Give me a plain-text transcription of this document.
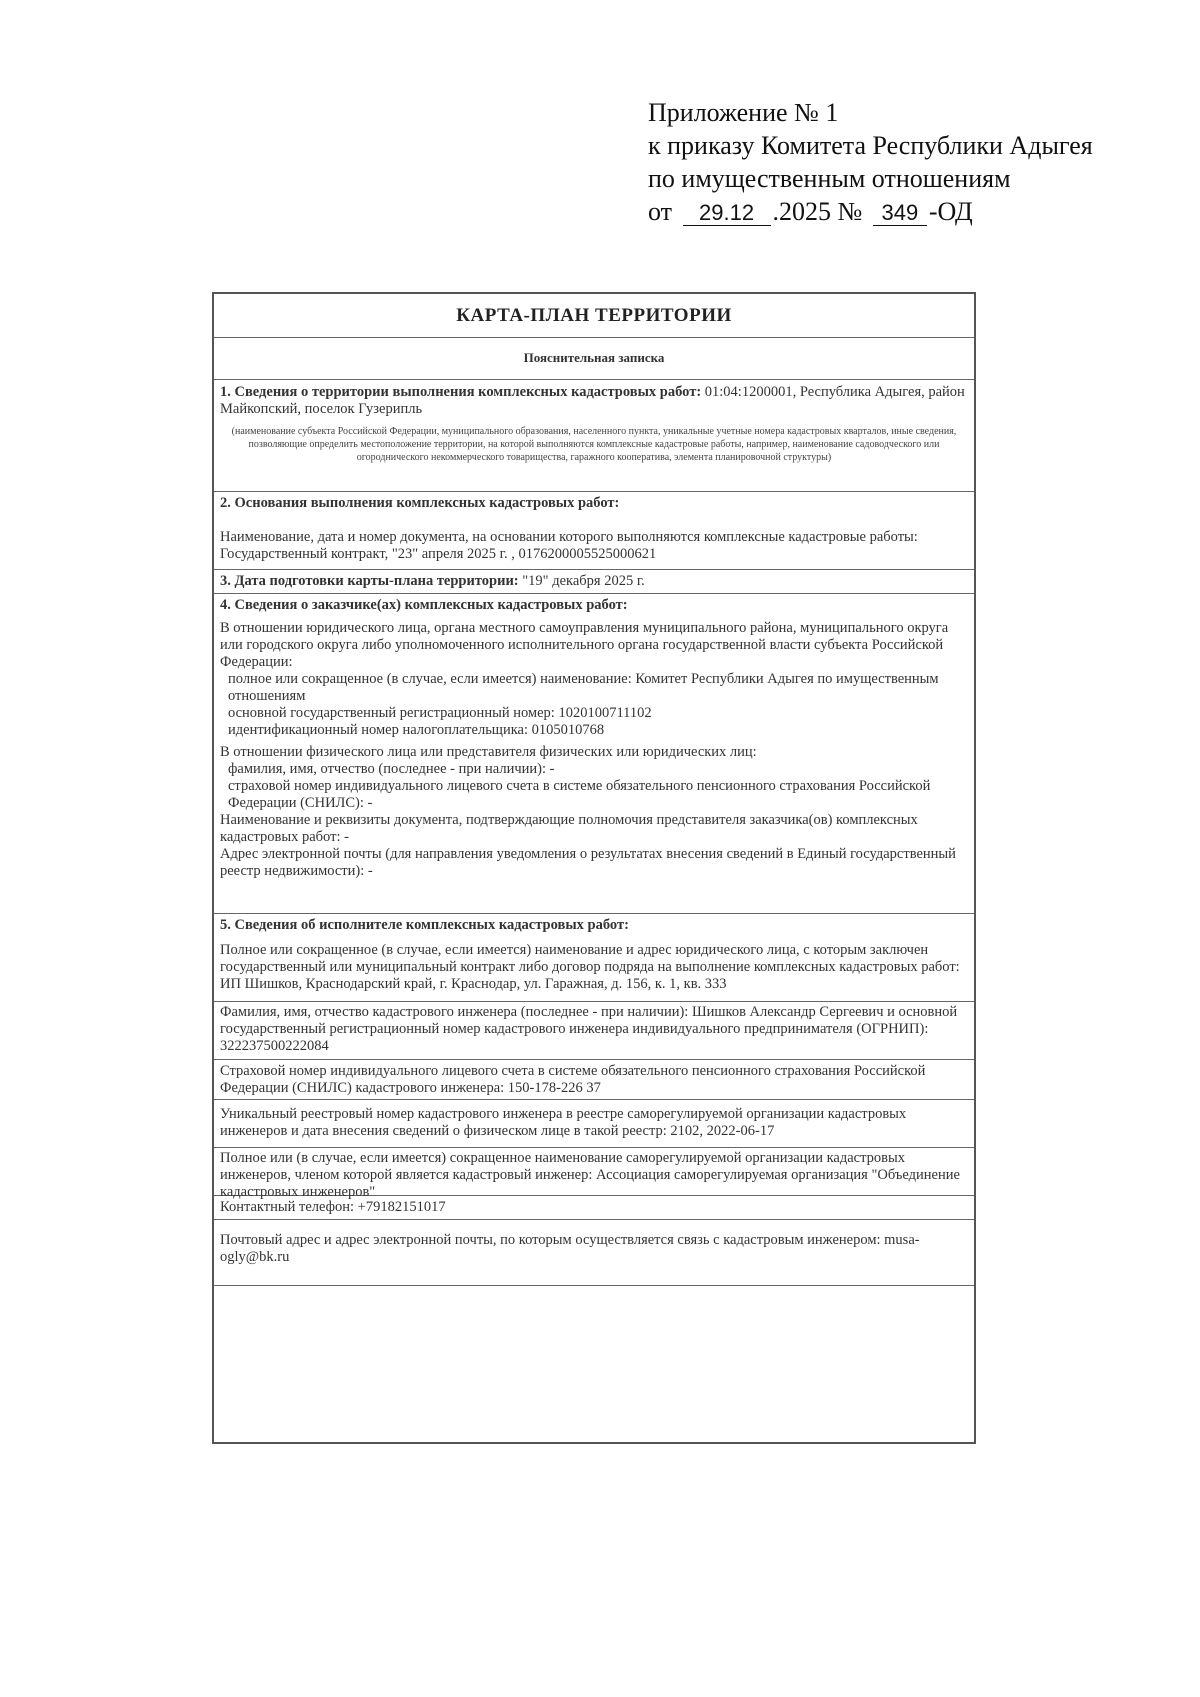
Приложение № 1
к приказу Комитета Республики Адыгея
по имущественным отношениям
от 29.12 .2025 № 349 -ОД
КАРТА-ПЛАН ТЕРРИТОРИИ
Пояснительная записка
1. Сведения о территории выполнения комплексных кадастровых работ: 01:04:1200001, Республика Адыгея, район Майкопский, поселок Гузерипль
(наименование субъекта Российской Федерации, муниципального образования, населенного пункта, уникальные учетные номера кадастровых кварталов, иные сведения, позволяющие определить местоположение территории, на которой выполняются комплексные кадастровые работы, например, наименование садоводческого или огороднического некоммерческого товарищества, гаражного кооператива, элемента планировочной структуры)
2. Основания выполнения комплексных кадастровых работ:
Наименование, дата и номер документа, на основании которого выполняются комплексные кадастровые работы: Государственный контракт, "23" апреля 2025 г. , 0176200005525000621
3. Дата подготовки карты-плана территории: "19" декабря 2025 г.
4. Сведения о заказчике(ах) комплексных кадастровых работ:
В отношении юридического лица, органа местного самоуправления муниципального района, муниципального округа или городского округа либо уполномоченного исполнительного органа государственной власти субъекта Российской Федерации:
полное или сокращенное (в случае, если имеется) наименование: Комитет Республики Адыгея по имущественным отношениям
основной государственный регистрационный номер: 1020100711102
идентификационный номер налогоплательщика: 0105010768
В отношении физического лица или представителя физических или юридических лиц:
фамилия, имя, отчество (последнее - при наличии): -
страховой номер индивидуального лицевого счета в системе обязательного пенсионного страхования Российской Федерации (СНИЛС): -
Наименование и реквизиты документа, подтверждающие полномочия представителя заказчика(ов) комплексных кадастровых работ: -
Адрес электронной почты (для направления уведомления о результатах внесения сведений в Единый государственный реестр недвижимости): -
5. Сведения об исполнителе комплексных кадастровых работ:
Полное или сокращенное (в случае, если имеется) наименование и адрес юридического лица, с которым заключен государственный или муниципальный контракт либо договор подряда на выполнение комплексных кадастровых работ: ИП Шишков, Краснодарский край, г. Краснодар, ул. Гаражная, д. 156, к. 1, кв. 333
Фамилия, имя, отчество кадастрового инженера (последнее - при наличии): Шишков Александр Сергеевич и основной государственный регистрационный номер кадастрового инженера индивидуального предпринимателя (ОГРНИП): 322237500222084
Страховой номер индивидуального лицевого счета в системе обязательного пенсионного страхования Российской Федерации (СНИЛС) кадастрового инженера: 150-178-226 37
Уникальный реестровый номер кадастрового инженера в реестре саморегулируемой организации кадастровых инженеров и дата внесения сведений о физическом лице в такой реестр: 2102, 2022-06-17
Полное или (в случае, если имеется) сокращенное наименование саморегулируемой организации кадастровых инженеров, членом которой является кадастровый инженер: Ассоциация саморегулируемая организация "Объединение кадастровых инженеров"
Контактный телефон: +79182151017
Почтовый адрес и адрес электронной почты, по которым осуществляется связь с кадастровым инженером: musa-ogly@bk.ru
